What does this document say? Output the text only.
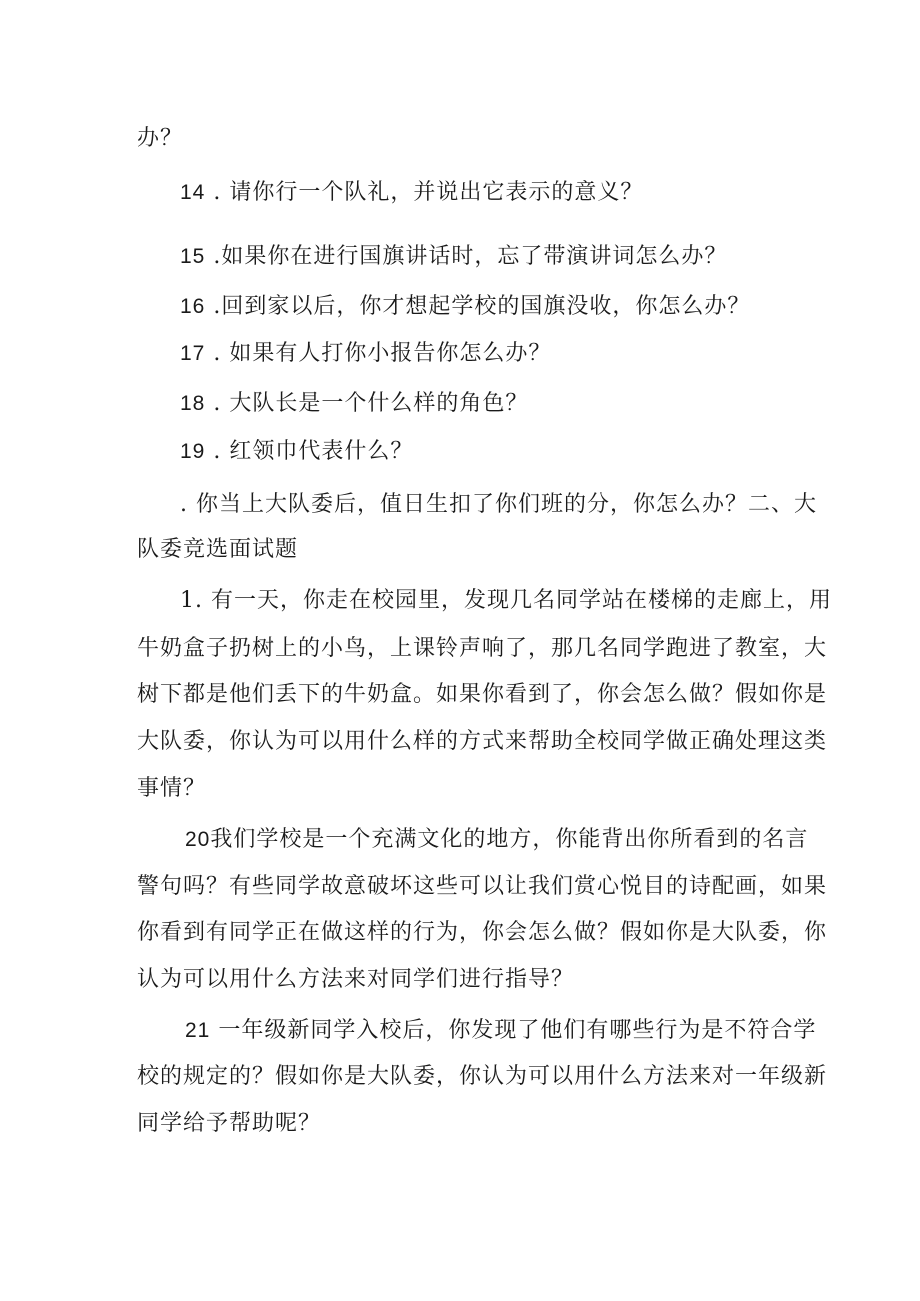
办？
14 . 请你行一个队礼，并说出它表示的意义？
15 .如果你在进行国旗讲话时，忘了带演讲词怎么办？
16 .回到家以后，你才想起学校的国旗没收，你怎么办？
17 . 如果有人打你小报告你怎么办？
18 . 大队长是一个什么样的角色？
19 . 红领巾代表什么？
. 你当上大队委后，值日生扣了你们班的分，你怎么办？二、大
队委竞选面试题
1. 有一天，你走在校园里，发现几名同学站在楼梯的走廊上，用
牛奶盒子扔树上的小鸟，上课铃声响了，那几名同学跑进了教室，大
树下都是他们丢下的牛奶盒。如果你看到了，你会怎么做？假如你是
大队委，你认为可以用什么样的方式来帮助全校同学做正确处理这类
事情？
20我们学校是一个充满文化的地方，你能背出你所看到的名言
警句吗？有些同学故意破坏这些可以让我们赏心悦目的诗配画，如果
你看到有同学正在做这样的行为，你会怎么做？假如你是大队委，你
认为可以用什么方法来对同学们进行指导？
21 一年级新同学入校后，你发现了他们有哪些行为是不符合学
校的规定的？假如你是大队委，你认为可以用什么方法来对一年级新
同学给予帮助呢？
